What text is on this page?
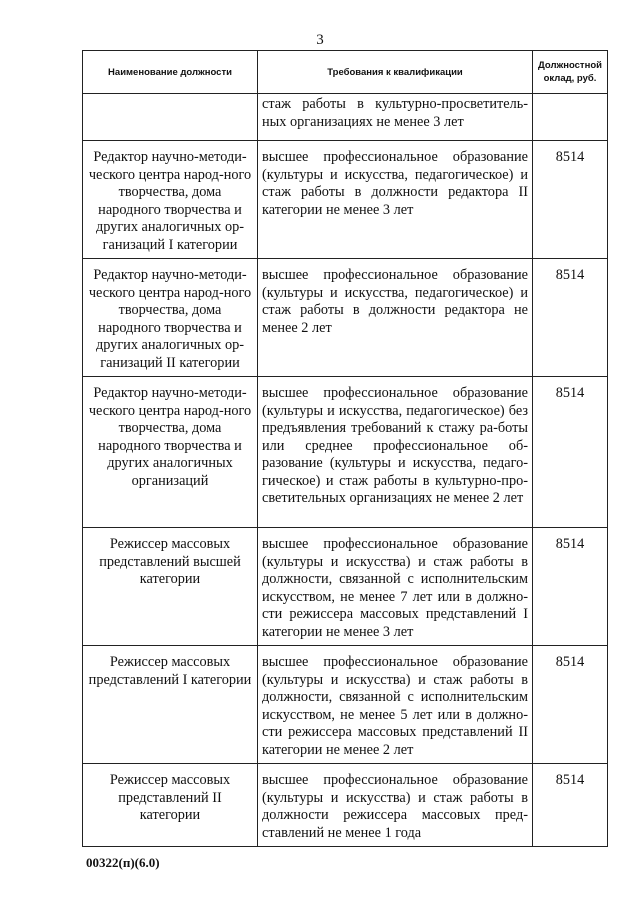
3
Наименование должности	Требования к квалификации	Должностной оклад, руб.
	стаж работы в культурно-просветитель-ных организациях не менее 3 лет	
Редактор научно-методи-ческого центра народ-ного творчества, дома народного творчества и других аналогичных ор-ганизаций I категории	высшее профессиональное образование (культуры и искусства, педагогическое) и стаж работы в должности редактора II категории не менее 3 лет	8514
Редактор научно-методи-ческого центра народ-ного творчества, дома народного творчества и других аналогичных ор-ганизаций II категории	высшее профессиональное образование (культуры и искусства, педагогическое) и стаж работы в должности редактора не менее 2 лет	8514
Редактор научно-методи-ческого центра народ-ного творчества, дома народного творчества и других аналогичных организаций	высшее профессиональное образование (культуры и искусства, педагогическое) без предъявления требований к стажу ра-боты или среднее профессиональное об-разование (культуры и искусства, педаго-гическое) и стаж работы в культурно-про-светительных организациях не менее 2 лет	8514
Режиссер массовых представлений высшей категории	высшее профессиональное образование (культуры и искусства) и стаж работы в должности, связанной с исполнительским искусством, не менее 7 лет или в должно-сти режиссера массовых представлений I категории не менее 3 лет	8514
Режиссер массовых представлений I категории	высшее профессиональное образование (культуры и искусства) и стаж работы в должности, связанной с исполнительским искусством, не менее 5 лет или в должно-сти режиссера массовых представлений II категории не менее 2 лет	8514
Режиссер массовых представлений II категории	высшее профессиональное образование (культуры и искусства) и стаж работы в должности режиссера массовых пред-ставлений не менее 1 года	8514
00322(п)(6.0)
